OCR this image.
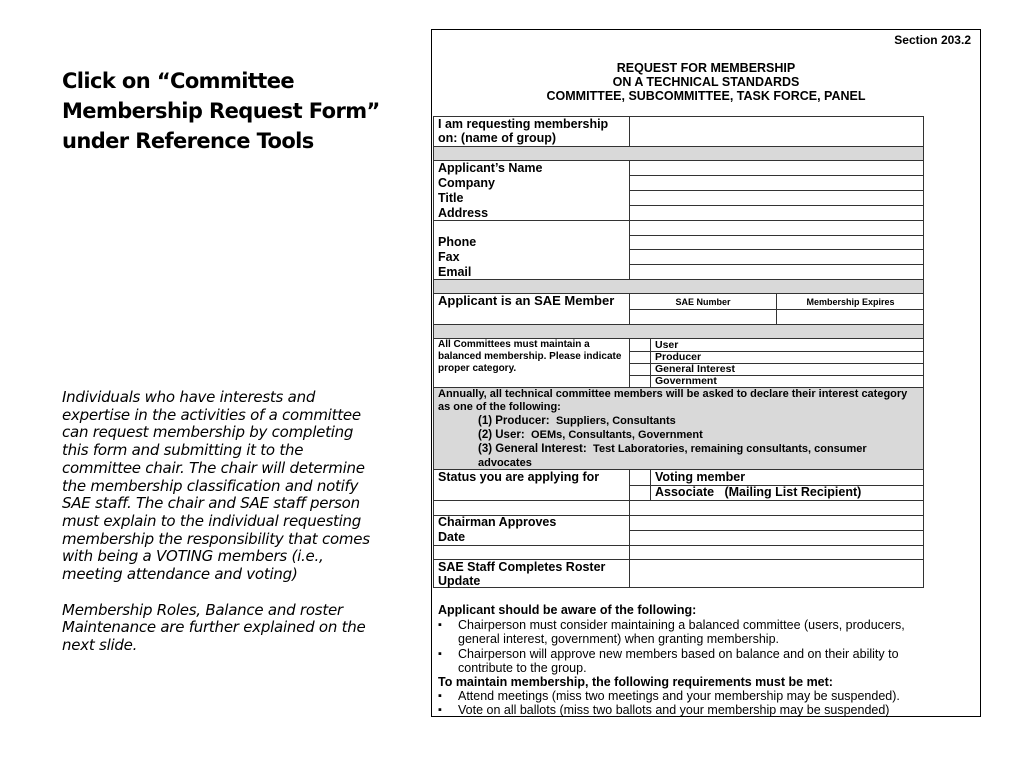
Click on “Committee Membership Request Form” under Reference Tools

Individuals who have interests and expertise in the activities of a committee can request membership by completing this form and submitting it to the committee chair. The chair will determine the membership classification and notify SAE staff. The chair and SAE staff person must explain to the individual requesting membership the responsibility that comes with being a VOTING members (i.e., meeting attendance and voting)

Membership Roles, Balance and roster Maintenance are further explained on the next slide.

Section 203.2
REQUEST FOR MEMBERSHIP
ON A TECHNICAL STANDARDS
COMMITTEE, SUBCOMMITTEE, TASK FORCE, PANEL
I am requesting membership on: (name of group)
Applicant’s Name
Company
Title
Address
Phone
Fax
Email
Applicant is an SAE Member	SAE Number	Membership Expires
All Committees must maintain a balanced membership. Please indicate proper category.
User
Producer
General Interest
Government
Annually, all technical committee members will be asked to declare their interest category as one of the following:
(1) Producer: Suppliers, Consultants
(2) User: OEMs, Consultants, Government
(3) General Interest: Test Laboratories, remaining consultants, consumer advocates
Status you are applying for	Voting member
Associate   (Mailing List Recipient)
Chairman Approves
Date
SAE Staff Completes Roster Update
Applicant should be aware of the following:
▪ Chairperson must consider maintaining a balanced committee (users, producers, general interest, government) when granting membership.
▪ Chairperson will approve new members based on balance and on their ability to contribute to the group.
To maintain membership, the following requirements must be met:
▪ Attend meetings (miss two meetings and your membership may be suspended).
▪ Vote on all ballots (miss two ballots and your membership may be suspended)
